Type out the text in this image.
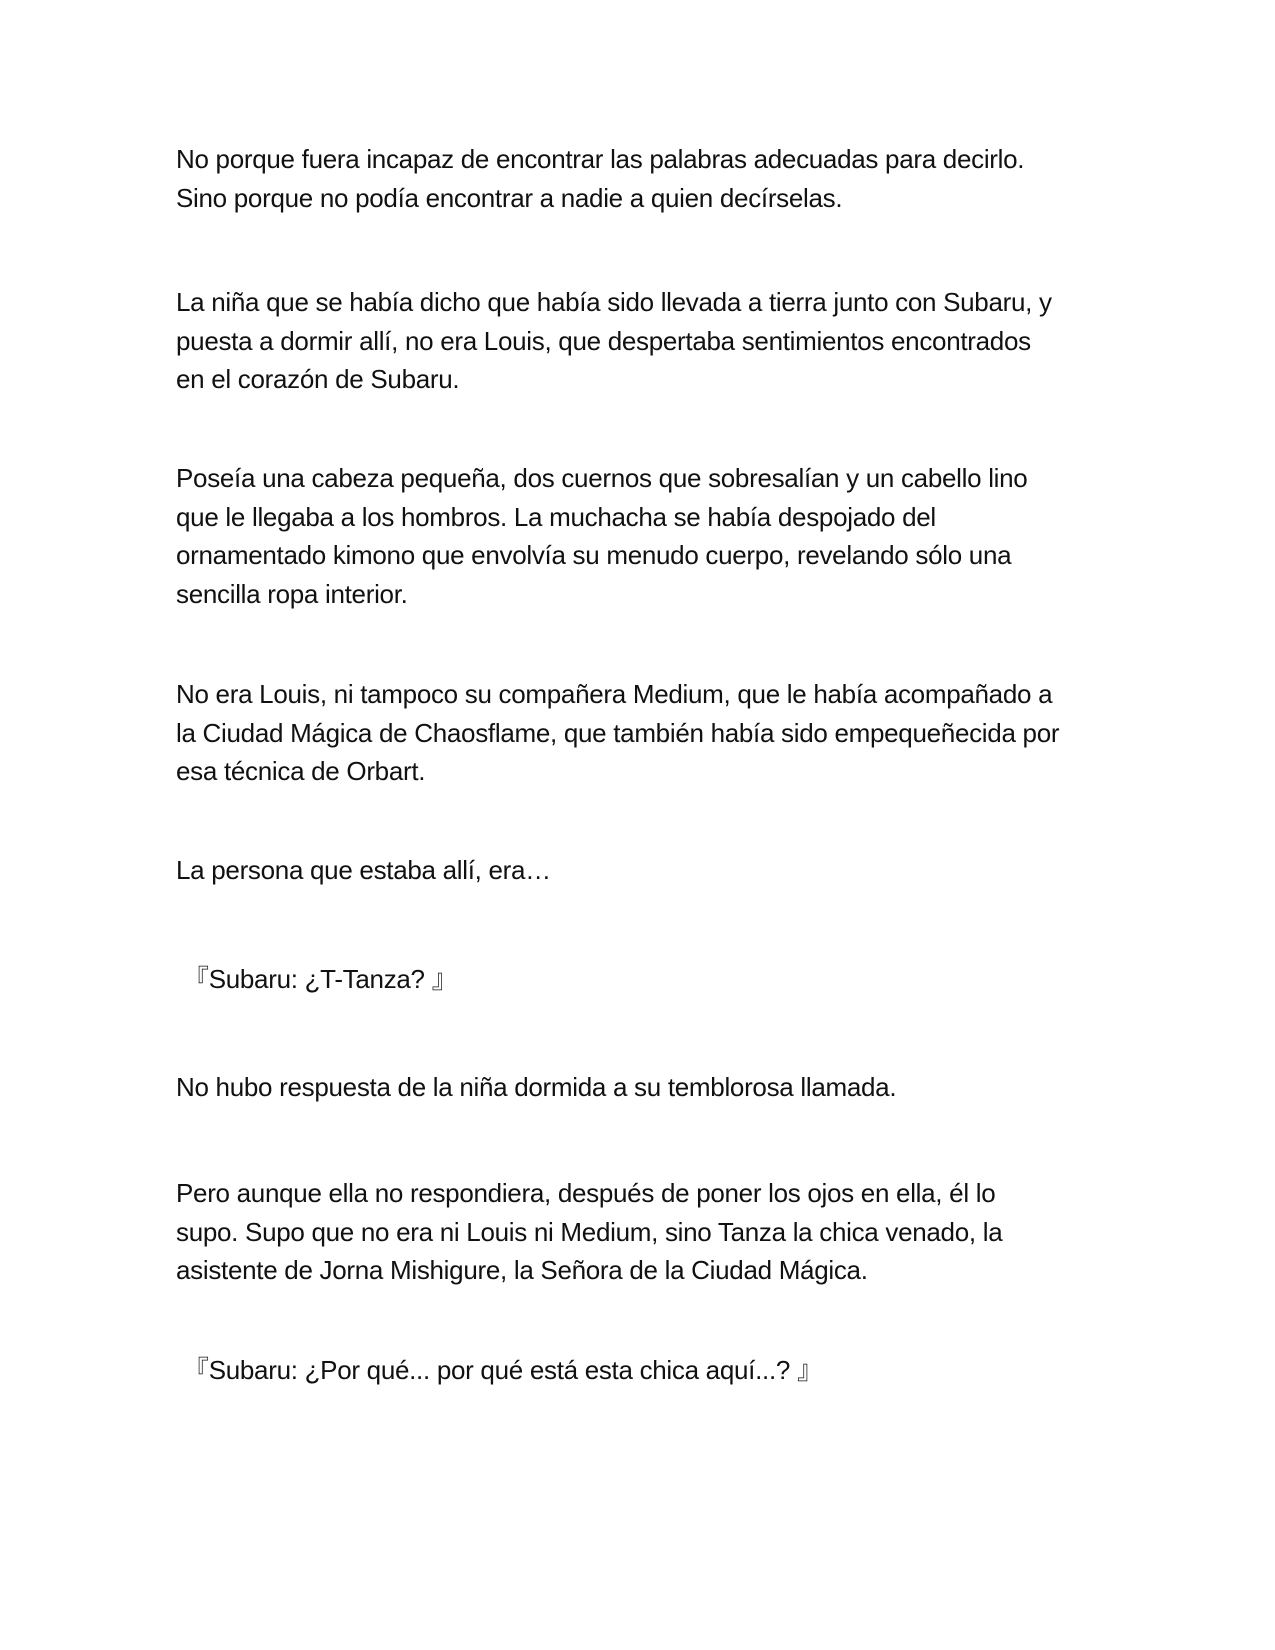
No porque fuera incapaz de encontrar las palabras adecuadas para decirlo.
Sino porque no podía encontrar a nadie a quien decírselas.

La niña que se había dicho que había sido llevada a tierra junto con Subaru, y
puesta a dormir allí, no era Louis, que despertaba sentimientos encontrados
en el corazón de Subaru.

Poseía una cabeza pequeña, dos cuernos que sobresalían y un cabello lino
que le llegaba a los hombros. La muchacha se había despojado del
ornamentado kimono que envolvía su menudo cuerpo, revelando sólo una
sencilla ropa interior.

No era Louis, ni tampoco su compañera Medium, que le había acompañado a
la Ciudad Mágica de Chaosflame, que también había sido empequeñecida por
esa técnica de Orbart.

La persona que estaba allí, era…

『Subaru: ¿T-Tanza? 』

No hubo respuesta de la niña dormida a su temblorosa llamada.

Pero aunque ella no respondiera, después de poner los ojos en ella, él lo
supo. Supo que no era ni Louis ni Medium, sino Tanza la chica venado, la
asistente de Jorna Mishigure, la Señora de la Ciudad Mágica.

『Subaru: ¿Por qué... por qué está esta chica aquí...? 』
